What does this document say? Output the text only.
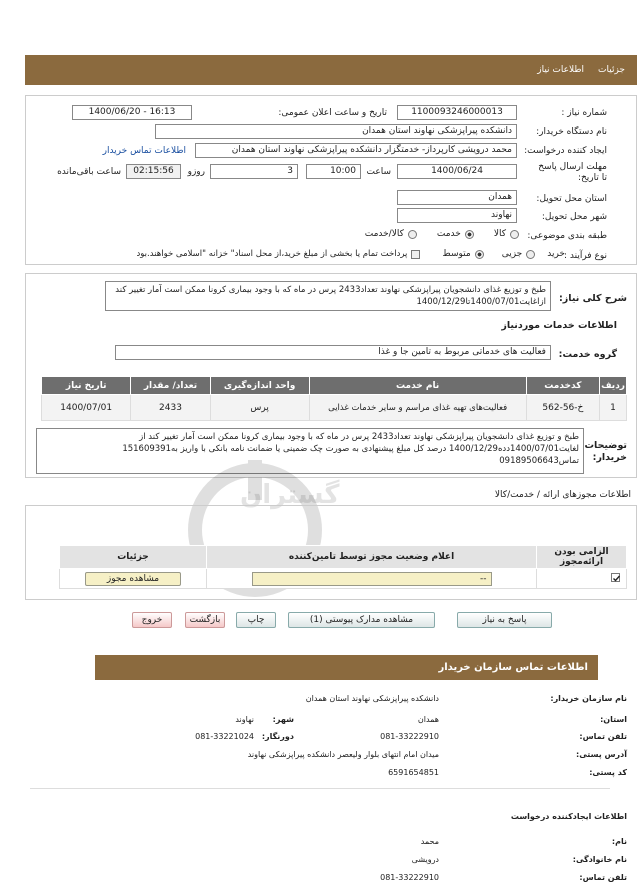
اطلاعات نیاز جزئیات
شماره نیاز :
1100093246000013
تاریخ و ساعت اعلان عمومی:
1400/06/20 - 16:13
نام دستگاه خریدار:
دانشکده پیراپزشکی نهاوند استان همدان
ایجاد کننده درخواست:
محمد درویشی کارپرداز- خدمتگزار دانشکده پیراپزشکی نهاوند استان همدان
اطلاعات تماس خریدار
مهلت ارسال پاسخ تا تاریخ:
1400/06/24
ساعت
10:00
3
روزو
02:15:56
ساعت باقی‌مانده
استان محل تحویل:
همدان
شهر محل تحویل:
نهاوند
طبقه بندی موضوعی:
کالا
خدمت
کالا/خدمت
نوع فرآیند :
خرید
جزیی
متوسط
پرداخت تمام یا بخشی از مبلغ خرید،از محل اسناد" خزانه "اسلامی خواهند.بود
شرح کلی نیاز:
طبخ و توزیع غذای دانشجویان پیراپزشکی نهاوند تعداد2433 پرس در ماه که با وجود بیماری کرونا ممکن است آمار تغییر کند ازاغایت1400/07/01تا1400/12/29
اطلاعات خدمات موردنیاز
گروه خدمت:
فعالیت های خدماتی مربوط به تامین جا و غذا
ردیف	کدخدمت	نام خدمت	واحد اندازه‌گیری	تعداد/ مقدار	تاریخ نیاز
1	خ-56-562	فعالیت‌های تهیه غذای مراسم و سایر خدمات غذایی	پرس	2433	1400/07/01
توضیحات خریدار:
طبخ و توزیع غذای دانشجویان پیراپزشکی نهاوند تعداد2433 پرس در ماه که با وجود بیماری کرونا ممکن است آمار تغییر کند از لغایت1400/07/01دده1400/12/29 درصد کل مبلغ پیشنهادی به صورت چک ضمینی یا ضمانت نامه بانکی با واریز به151609391 تماس09189506643
گستران	اطلاعات مجوزهای ارائه / خدمت/کالا
الزامی بودن ارائه‌مجوز	اعلام وضعیت مجوز توسط تامین‌کننده	جزئیات

--	مشاهده مجوز
پاسخ به نیاز
مشاهده مدارک پیوستی (1)
چاپ
بازگشت
خروج
اطلاعات تماس سازمان خریدار
نام سازمان خریدار:
دانشکده پیراپزشکی نهاوند استان همدان
استان:
همدان
شهر:
نهاوند
تلفن تماس:
081-33222910
دورنگار:
081-33221024
آدرس پستی:
میدان امام انتهای بلوار ولیعصر دانشکده پیراپزشکی نهاوند
کد پستی:
6591654851
اطلاعات ایجادکننده درخواست
نام:
محمد
نام خانوادگی:
درویشی
تلفن تماس:
081-33222910
